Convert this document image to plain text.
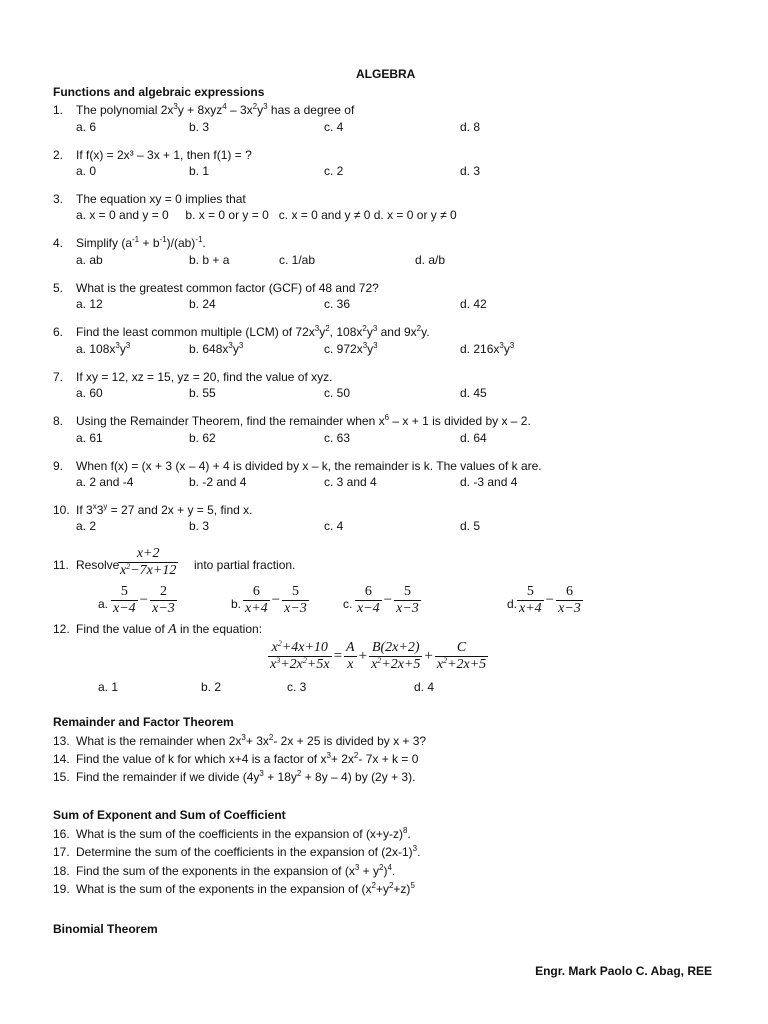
ALGEBRA
Functions and algebraic expressions
1. The polynomial $2x^3y + 8xyz^4 - 3x^2y^3$ has a degree of
a. 6	b. 3	c. 4	d. 8
2. If f(x) = 2x³ – 3x + 1, then f(1) = ?
a. 0	b. 1	c. 2	d. 3
3. The equation xy = 0 implies that
a. x = 0 and y = 0     b. x = 0 or y = 0   c. x = 0 and y ≠ 0 d. x = 0 or y ≠ 0
4. Simplify $(a^{-1} + b^{-1})/(ab)^{-1}$.
a. ab	b. b + a	c. 1/ab	d. a/b
5. What is the greatest common factor (GCF) of 48 and 72?
a. 12	b. 24	c. 36	d. 42
6. Find the least common multiple (LCM) of $72x^3y^2$, $108x^2y^3$ and $9x^2y$.
a. $108x^3y^3$	b. $648x^3y^3$	c. $972x^3y^3$	d. $216x^3y^3$
7. If xy = 12, xz = 15, yz = 20, find the value of xyz.
a. 60	b. 55	c. 50	d. 45
8. Using the Remainder Theorem, find the remainder when $x^6 - x + 1$ is divided by x – 2.
a. 61	b. 62	c. 63	d. 64
9. When f(x) = (x + 3 (x – 4) + 4 is divided by x – k, the remainder is k. The values of k are.
a. 2 and -4	b. -2 and 4	c. 3 and 4	d. -3 and 4
10. If $3^x3^y = 27$ and 2x + y = 5, find x.
a. 2	b. 3	c. 4	d. 5
11. Resolve
$\frac{x+2}{x^2-7x+12}$ into partial fraction.
a. $\frac{5}{x-4} - \frac{2}{x-3}$	b. $\frac{6}{x+4} - \frac{5}{x-3}$	c. $\frac{6}{x-4} - \frac{5}{x-3}$	d. $\frac{5}{x+4} - \frac{6}{x-3}$
12. Find the value of A in the equation:
$\frac{x^2+4x+10}{x^3+2x^2+5x} = \frac{A}{x} + \frac{B(2x+2)}{x^2+2x+5} + \frac{C}{x^2+2x+5}$
a. 1	b. 2	c. 3	d. 4
Remainder and Factor Theorem
13. What is the remainder when $2x^3+ 3x^2-$ 2x + 25 is divided by x + 3?
14. Find the value of k for which x+4 is a factor of $x^3+ 2x^2-$ 7x + k = 0
15. Find the remainder if we divide $(4y^3 + 18y^2 + 8y - 4)$ by (2y + 3).
Sum of Exponent and Sum of Coefficient
16. What is the sum of the coefficients in the expansion of $(x+y-z)^8$.
17. Determine the sum of the coefficients in the expansion of $(2x-1)^3$.
18. Find the sum of the exponents in the expansion of $(x^3 + y^2)^4$.
19. What is the sum of the exponents in the expansion of $(x^2+y^2+z)^5$
Binomial Theorem
Engr. Mark Paolo C. Abag, REE
